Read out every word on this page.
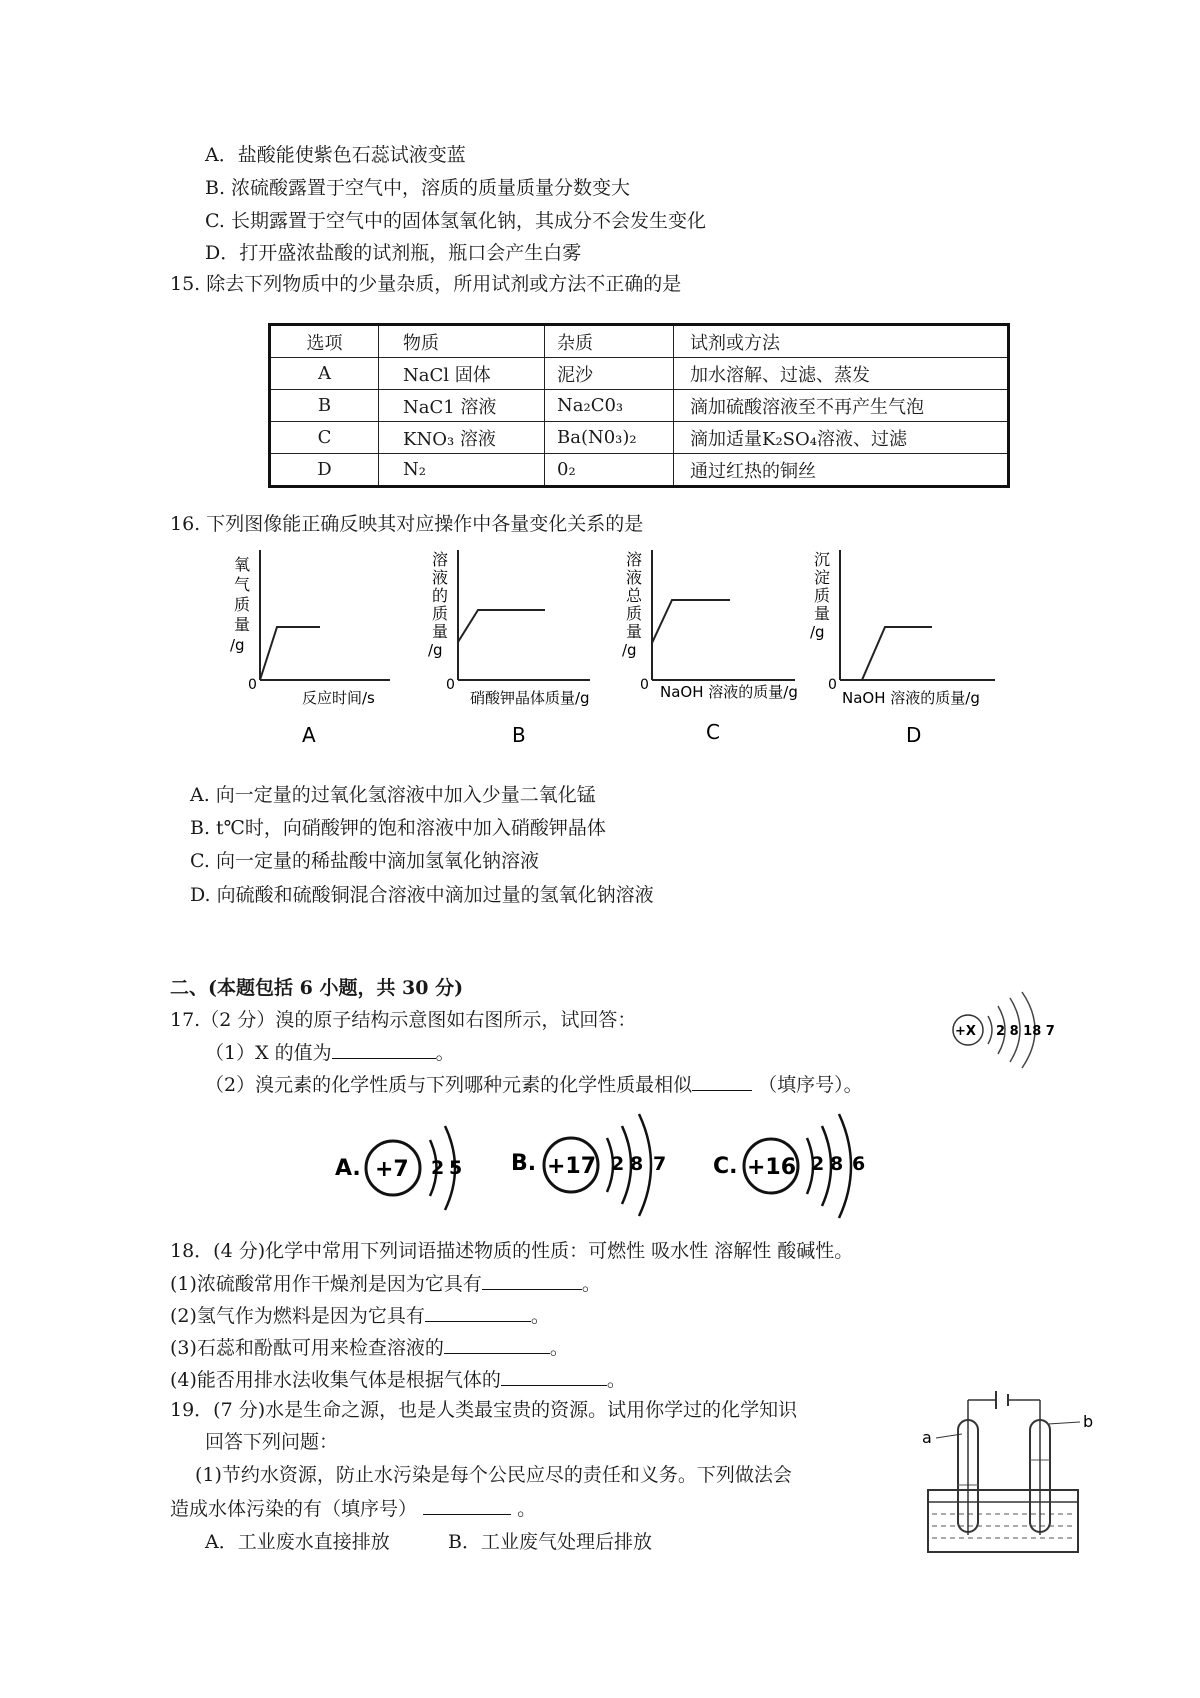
A．盐酸能使紫色石蕊试液变蓝
B. 浓硫酸露置于空气中，溶质的质量质量分数变大
C. 长期露置于空气中的固体氢氧化钠，其成分不会发生变化
D．打开盛浓盐酸的试剂瓶，瓶口会产生白雾
15. 除去下列物质中的少量杂质，所用试剂或方法不正确的是
选项	物质	杂质	试剂或方法
A	NaCl 固体	泥沙	加水溶解、过滤、蒸发
B	NaC1 溶液	Na₂C0₃	滴加硫酸溶液至不再产生气泡
C	KNO₃ 溶液	Ba(N0₃)₂	滴加适量K₂SO₄溶液、过滤
D	N₂	0₂	通过红热的铜丝
16. 下列图像能正确反映其对应操作中各量变化关系的是
0
氧
气
质
量
/g
反应时间/s
A
0
溶
液
的
质
量
/g
硝酸钾晶体质量/g
B
0
溶
液
总
质
量
/g
NaOH 溶液的质量/g
C
0
沉
淀
质
量
/g
NaOH 溶液的质量/g
D
A. 向一定量的过氧化氢溶液中加入少量二氧化锰
B. t℃时，向硝酸钾的饱和溶液中加入硝酸钾晶体
C. 向一定量的稀盐酸中滴加氢氧化钠溶液
D. 向硫酸和硫酸铜混合溶液中滴加过量的氢氧化钠溶液
二、(本题包括 6 小题，共 30 分)
17.（2 分）溴的原子结构示意图如右图所示，试回答：
（1）X 的值为	。
（2）溴元素的化学性质与下列哪种元素的化学性质最相似	（填序号）。
+X 2 8 18 7
A. +7 2 5 B. +17 2 8 7 C. +16 2 8 6
18．(4 分)化学中常用下列词语描述物质的性质：可燃性 吸水性 溶解性 酸碱性。
(1)浓硫酸常用作干燥剂是因为它具有	。
(2)氢气作为燃料是因为它具有	。
(3)石蕊和酚酞可用来检查溶液的	。
(4)能否用排水法收集气体是根据气体的	。
19．(7 分)水是生命之源，也是人类最宝贵的资源。试用你学过的化学知识
回答下列问题：
(1)节约水资源，防止水污染是每个公民应尽的责任和义务。下列做法会
造成水体污染的有（填序号）	。
A．工业废水直接排放	B．工业废气处理后排放
a
b
